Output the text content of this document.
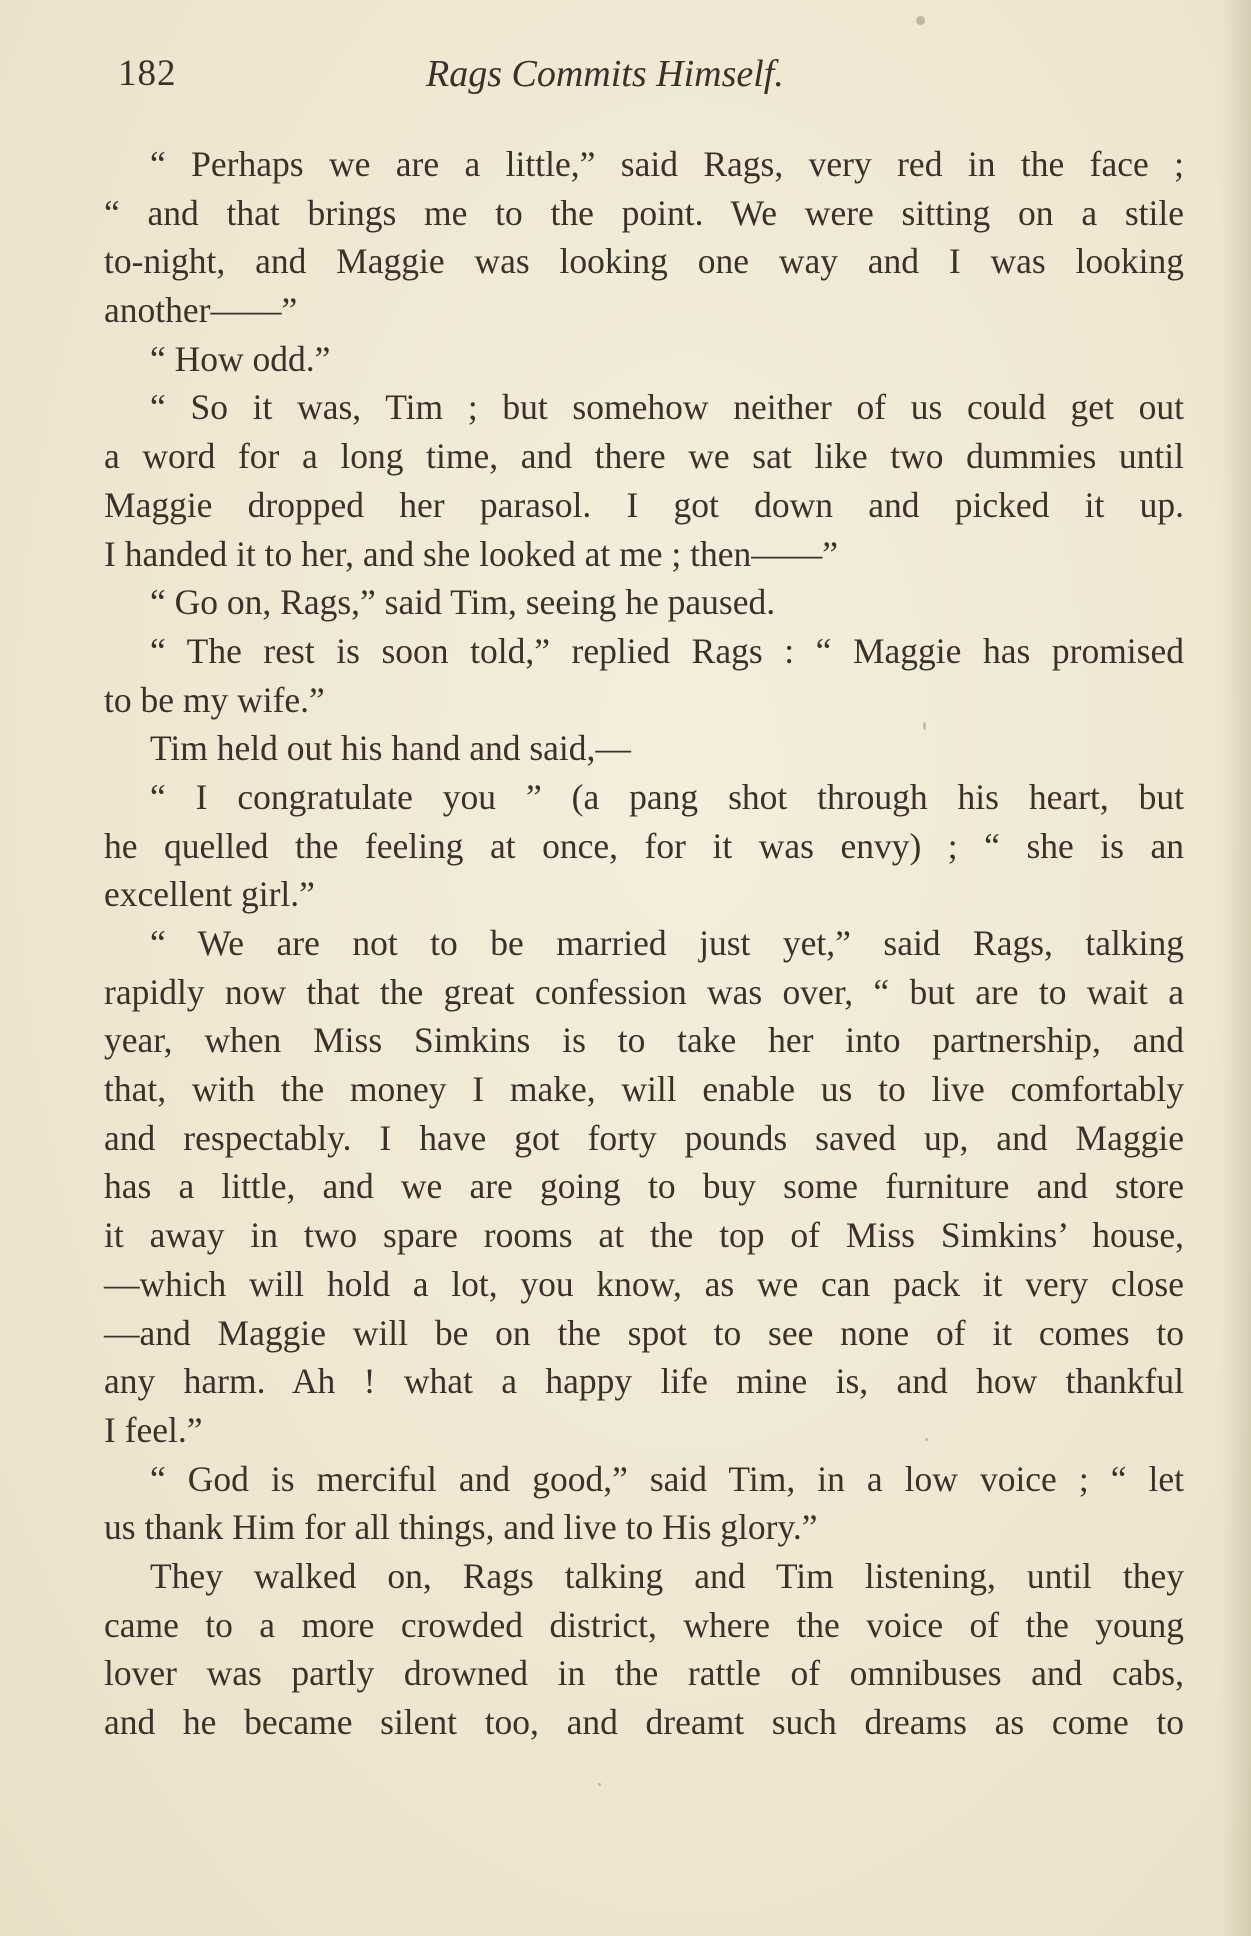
182	Rags Commits Himself.
“ Perhaps we are a little,” said Rags, very red in the face ;
“ and that brings me to the point. We were sitting on a stile
to-night, and Maggie was looking one way and I was looking
another——”
“ How odd.”
“ So it was, Tim ; but somehow neither of us could get out
a word for a long time, and there we sat like two dummies until
Maggie dropped her parasol. I got down and picked it up.
I handed it to her, and she looked at me ; then——”
“ Go on, Rags,” said Tim, seeing he paused.
“ The rest is soon told,” replied Rags : “ Maggie has promised
to be my wife.”
Tim held out his hand and said,—
“ I congratulate you ” (a pang shot through his heart, but
he quelled the feeling at once, for it was envy) ; “ she is an
excellent girl.”
“ We are not to be married just yet,” said Rags, talking
rapidly now that the great confession was over, “ but are to wait a
year, when Miss Simkins is to take her into partnership, and
that, with the money I make, will enable us to live comfortably
and respectably. I have got forty pounds saved up, and Maggie
has a little, and we are going to buy some furniture and store
it away in two spare rooms at the top of Miss Simkins’ house,
—which will hold a lot, you know, as we can pack it very close
—and Maggie will be on the spot to see none of it comes to
any harm. Ah ! what a happy life mine is, and how thankful
I feel.”
“ God is merciful and good,” said Tim, in a low voice ; “ let
us thank Him for all things, and live to His glory.”
They walked on, Rags talking and Tim listening, until they
came to a more crowded district, where the voice of the young
lover was partly drowned in the rattle of omnibuses and cabs,
and he became silent too, and dreamt such dreams as come to
